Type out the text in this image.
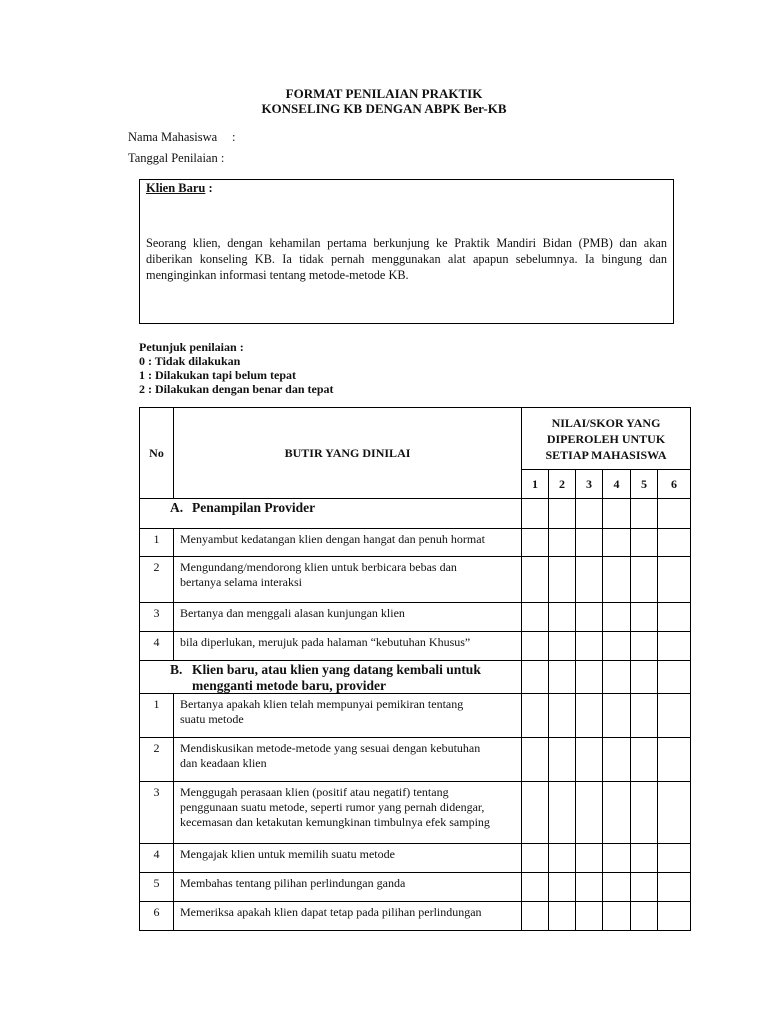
FORMAT PENILAIAN PRAKTIK
KONSELING KB DENGAN ABPK Ber-KB
Nama Mahasiswa :
Tanggal Penilaian :
Klien Baru :
Seorang klien, dengan kehamilan pertama berkunjung ke Praktik Mandiri Bidan (PMB) dan akan diberikan konseling KB. Ia tidak pernah menggunakan alat apapun sebelumnya. Ia bingung dan menginginkan informasi tentang metode-metode KB.
Petunjuk penilaian :
0 : Tidak dilakukan
1 : Dilakukan tapi belum tepat
2 : Dilakukan dengan benar dan tepat
No	BUTIR YANG DINILAI	NILAI/SKOR YANG
DIPEROLEH UNTUK
SETIAP MAHASISWA					

		1	2	3	4	5	6

A. Penampilan Provider							

1	Menyambut kedatangan klien dengan hangat dan penuh hormat						

2	Mengundang/mendorong klien untuk berbicara bebas dan
bertanya selama interaksi						

3	Bertanya dan menggali alasan kunjungan klien						

4	bila diperlukan, merujuk pada halaman “kebutuhan Khusus”						

B. Klien baru, atau klien yang datang kembali untuk
mengganti metode baru, provider							

1	Bertanya apakah klien telah mempunyai pemikiran tentang
suatu metode						

2	Mendiskusikan metode-metode yang sesuai dengan kebutuhan
dan keadaan klien						

3	Menggugah perasaan klien (positif atau negatif) tentang
penggunaan suatu metode, seperti rumor yang pernah didengar,
kecemasan dan ketakutan kemungkinan timbulnya efek samping						

4	Mengajak klien untuk memilih suatu metode						

5	Membahas tentang pilihan perlindungan ganda						

6	Memeriksa apakah klien dapat tetap pada pilihan perlindungan						
